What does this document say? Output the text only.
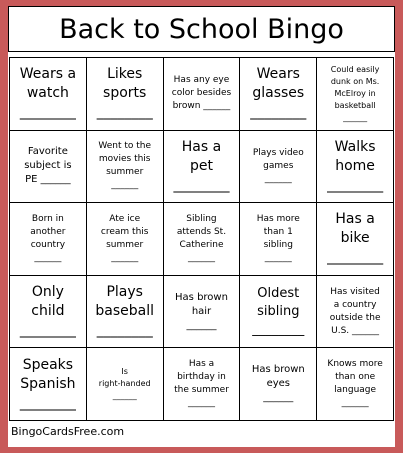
Back to School Bingo
Wears a
watch
________
Likes
sports
________
Has any eye
color besides
brown ______
Wears
glasses
________
Could easily
dunk on Ms.
McElroy in
basketball
______
Favorite
subject is
PE ______
Went to the
movies this
summer
______
Has a
pet
________
Plays video
games
______
Walks
home
________
Born in
another
country
______
Ate ice
cream this
summer
______
Sibling
attends St.
Catherine
______
Has more
than 1
sibling
______
Has a
bike
________
Only
child
________
Plays
baseball
________
Has brown
hair
______
Oldest
sibling
________
Has visited
a country
outside the
U.S. ______
Speaks
Spanish
________
Is
right-handed
______
Has a
birthday in
the summer
______
Has brown
eyes
______
Knows more
than one
language
______
BingoCardsFree.com
